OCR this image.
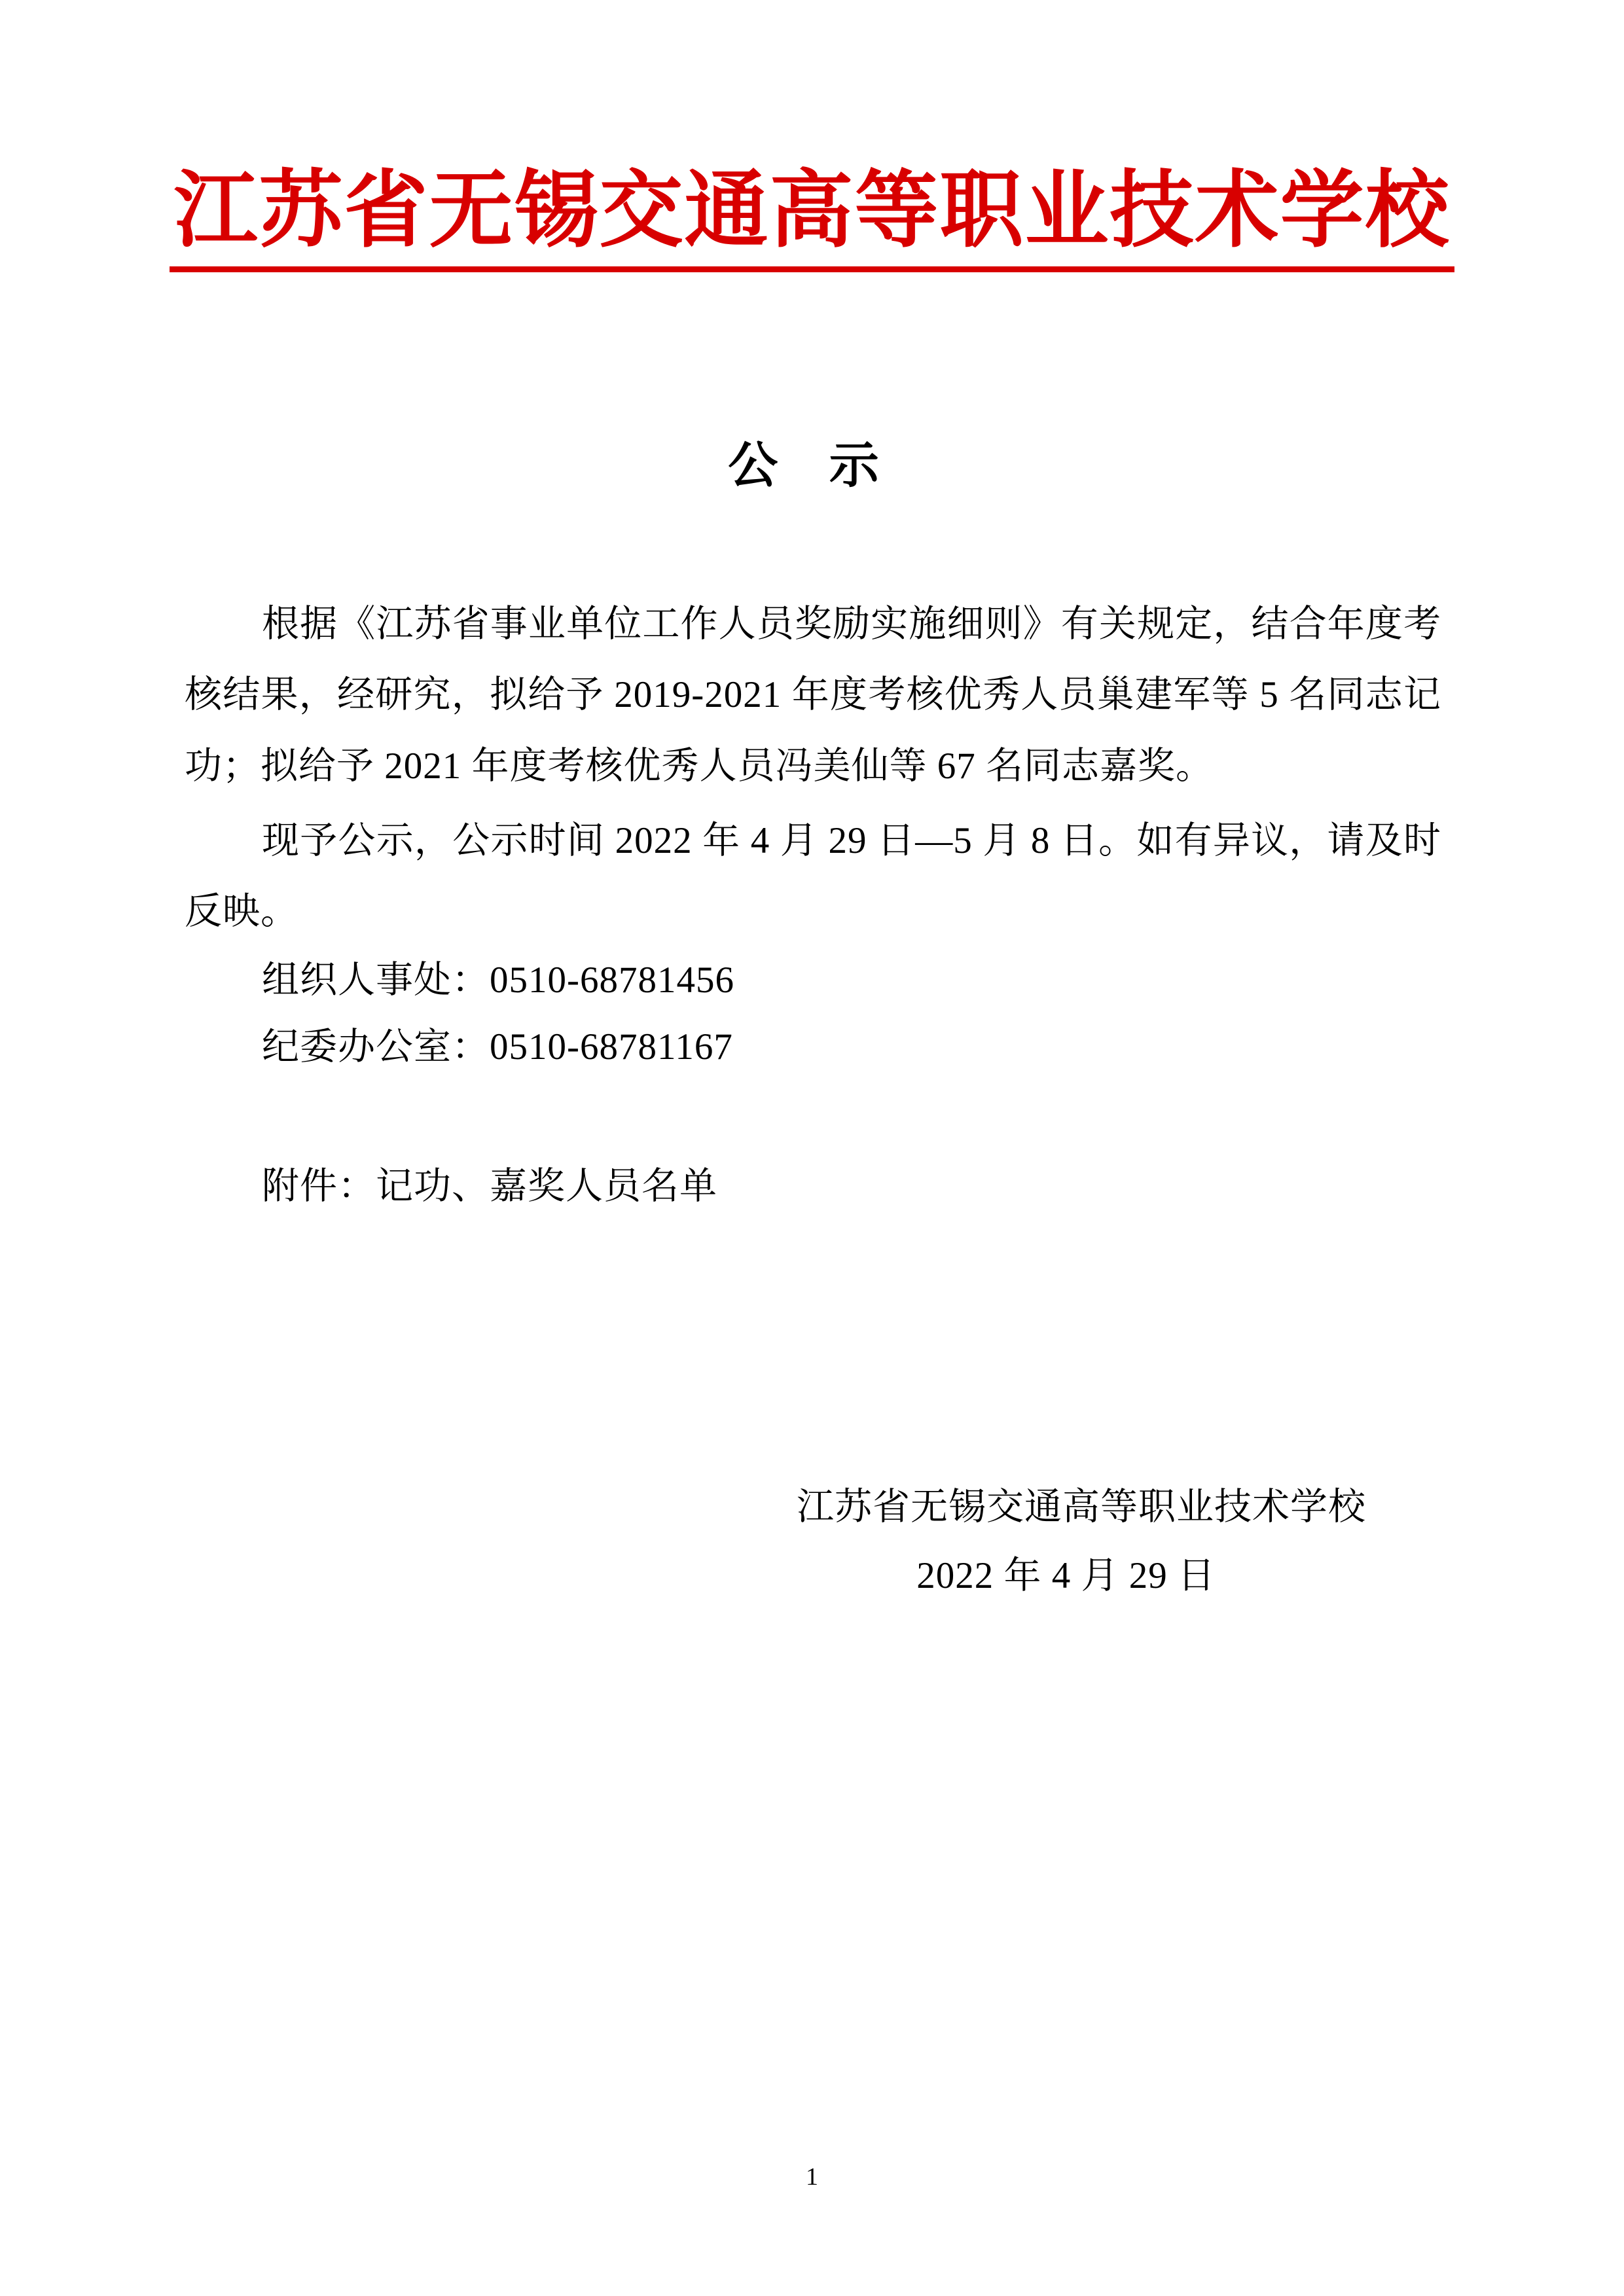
江苏省无锡交通高等职业技术学校
公 示

根据《江苏省事业单位工作人员奖励实施细则》有关规定，结合年度考核结果，经研究，拟给予 2019-2021 年度考核优秀人员巢建军等 5 名同志记功；拟给予 2021 年度考核优秀人员冯美仙等 67 名同志嘉奖。

现予公示，公示时间 2022 年 4 月 29 日—5 月 8 日。如有异议，请及时反映。

组织人事处：0510-68781456

纪委办公室：0510-68781167

附件：记功、嘉奖人员名单

江苏省无锡交通高等职业技术学校
2022 年 4 月 29 日
1
